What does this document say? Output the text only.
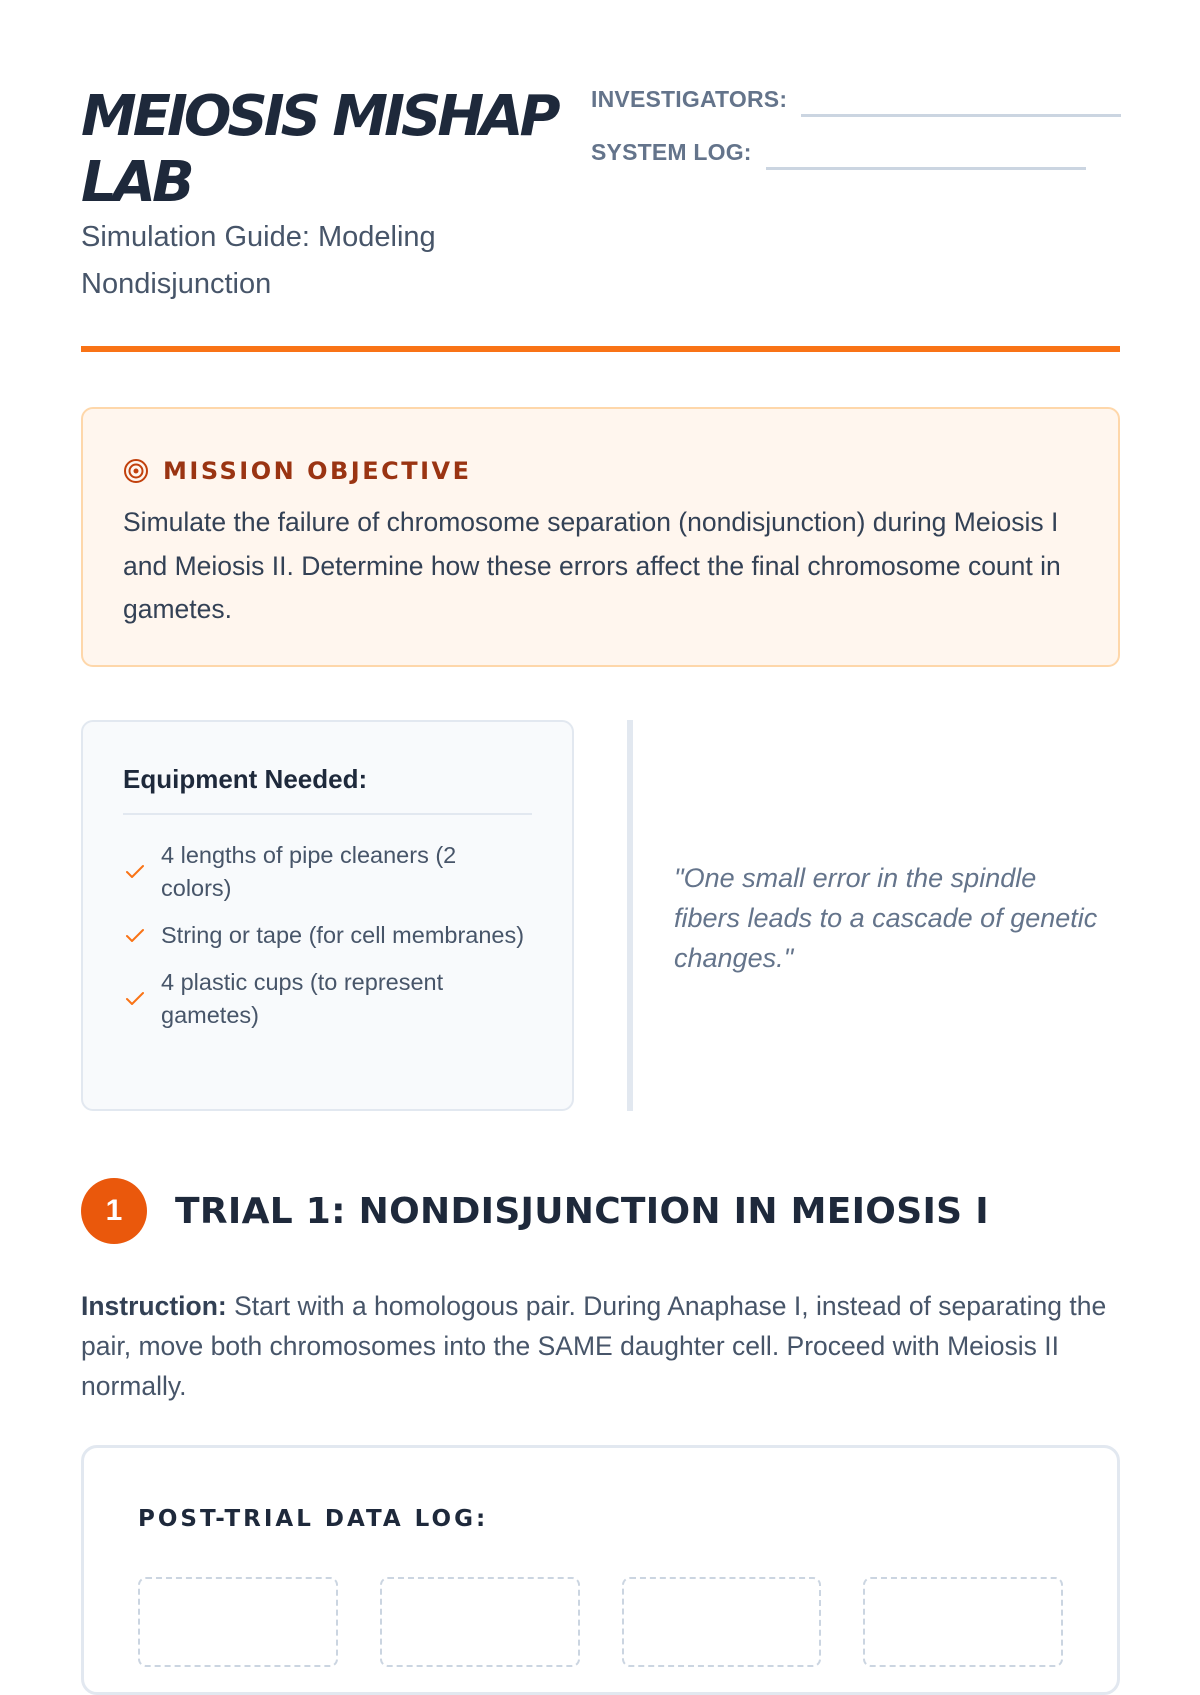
MEIOSIS MISHAP LAB
Simulation Guide: Modeling Nondisjunction
INVESTIGATORS:
SYSTEM LOG:
MISSION OBJECTIVE
Simulate the failure of chromosome separation (nondisjunction) during Meiosis I and Meiosis II. Determine how these errors affect the final chromosome count in gametes.
Equipment Needed:
4 lengths of pipe cleaners (2 colors)
String or tape (for cell membranes)
4 plastic cups (to represent gametes)
"One small error in the spindle fibers leads to a cascade of genetic changes."
1	TRIAL 1: NONDISJUNCTION IN MEIOSIS I
Instruction: Start with a homologous pair. During Anaphase I, instead of separating the pair, move both chromosomes into the SAME daughter cell. Proceed with Meiosis II normally.
POST-TRIAL DATA LOG:
